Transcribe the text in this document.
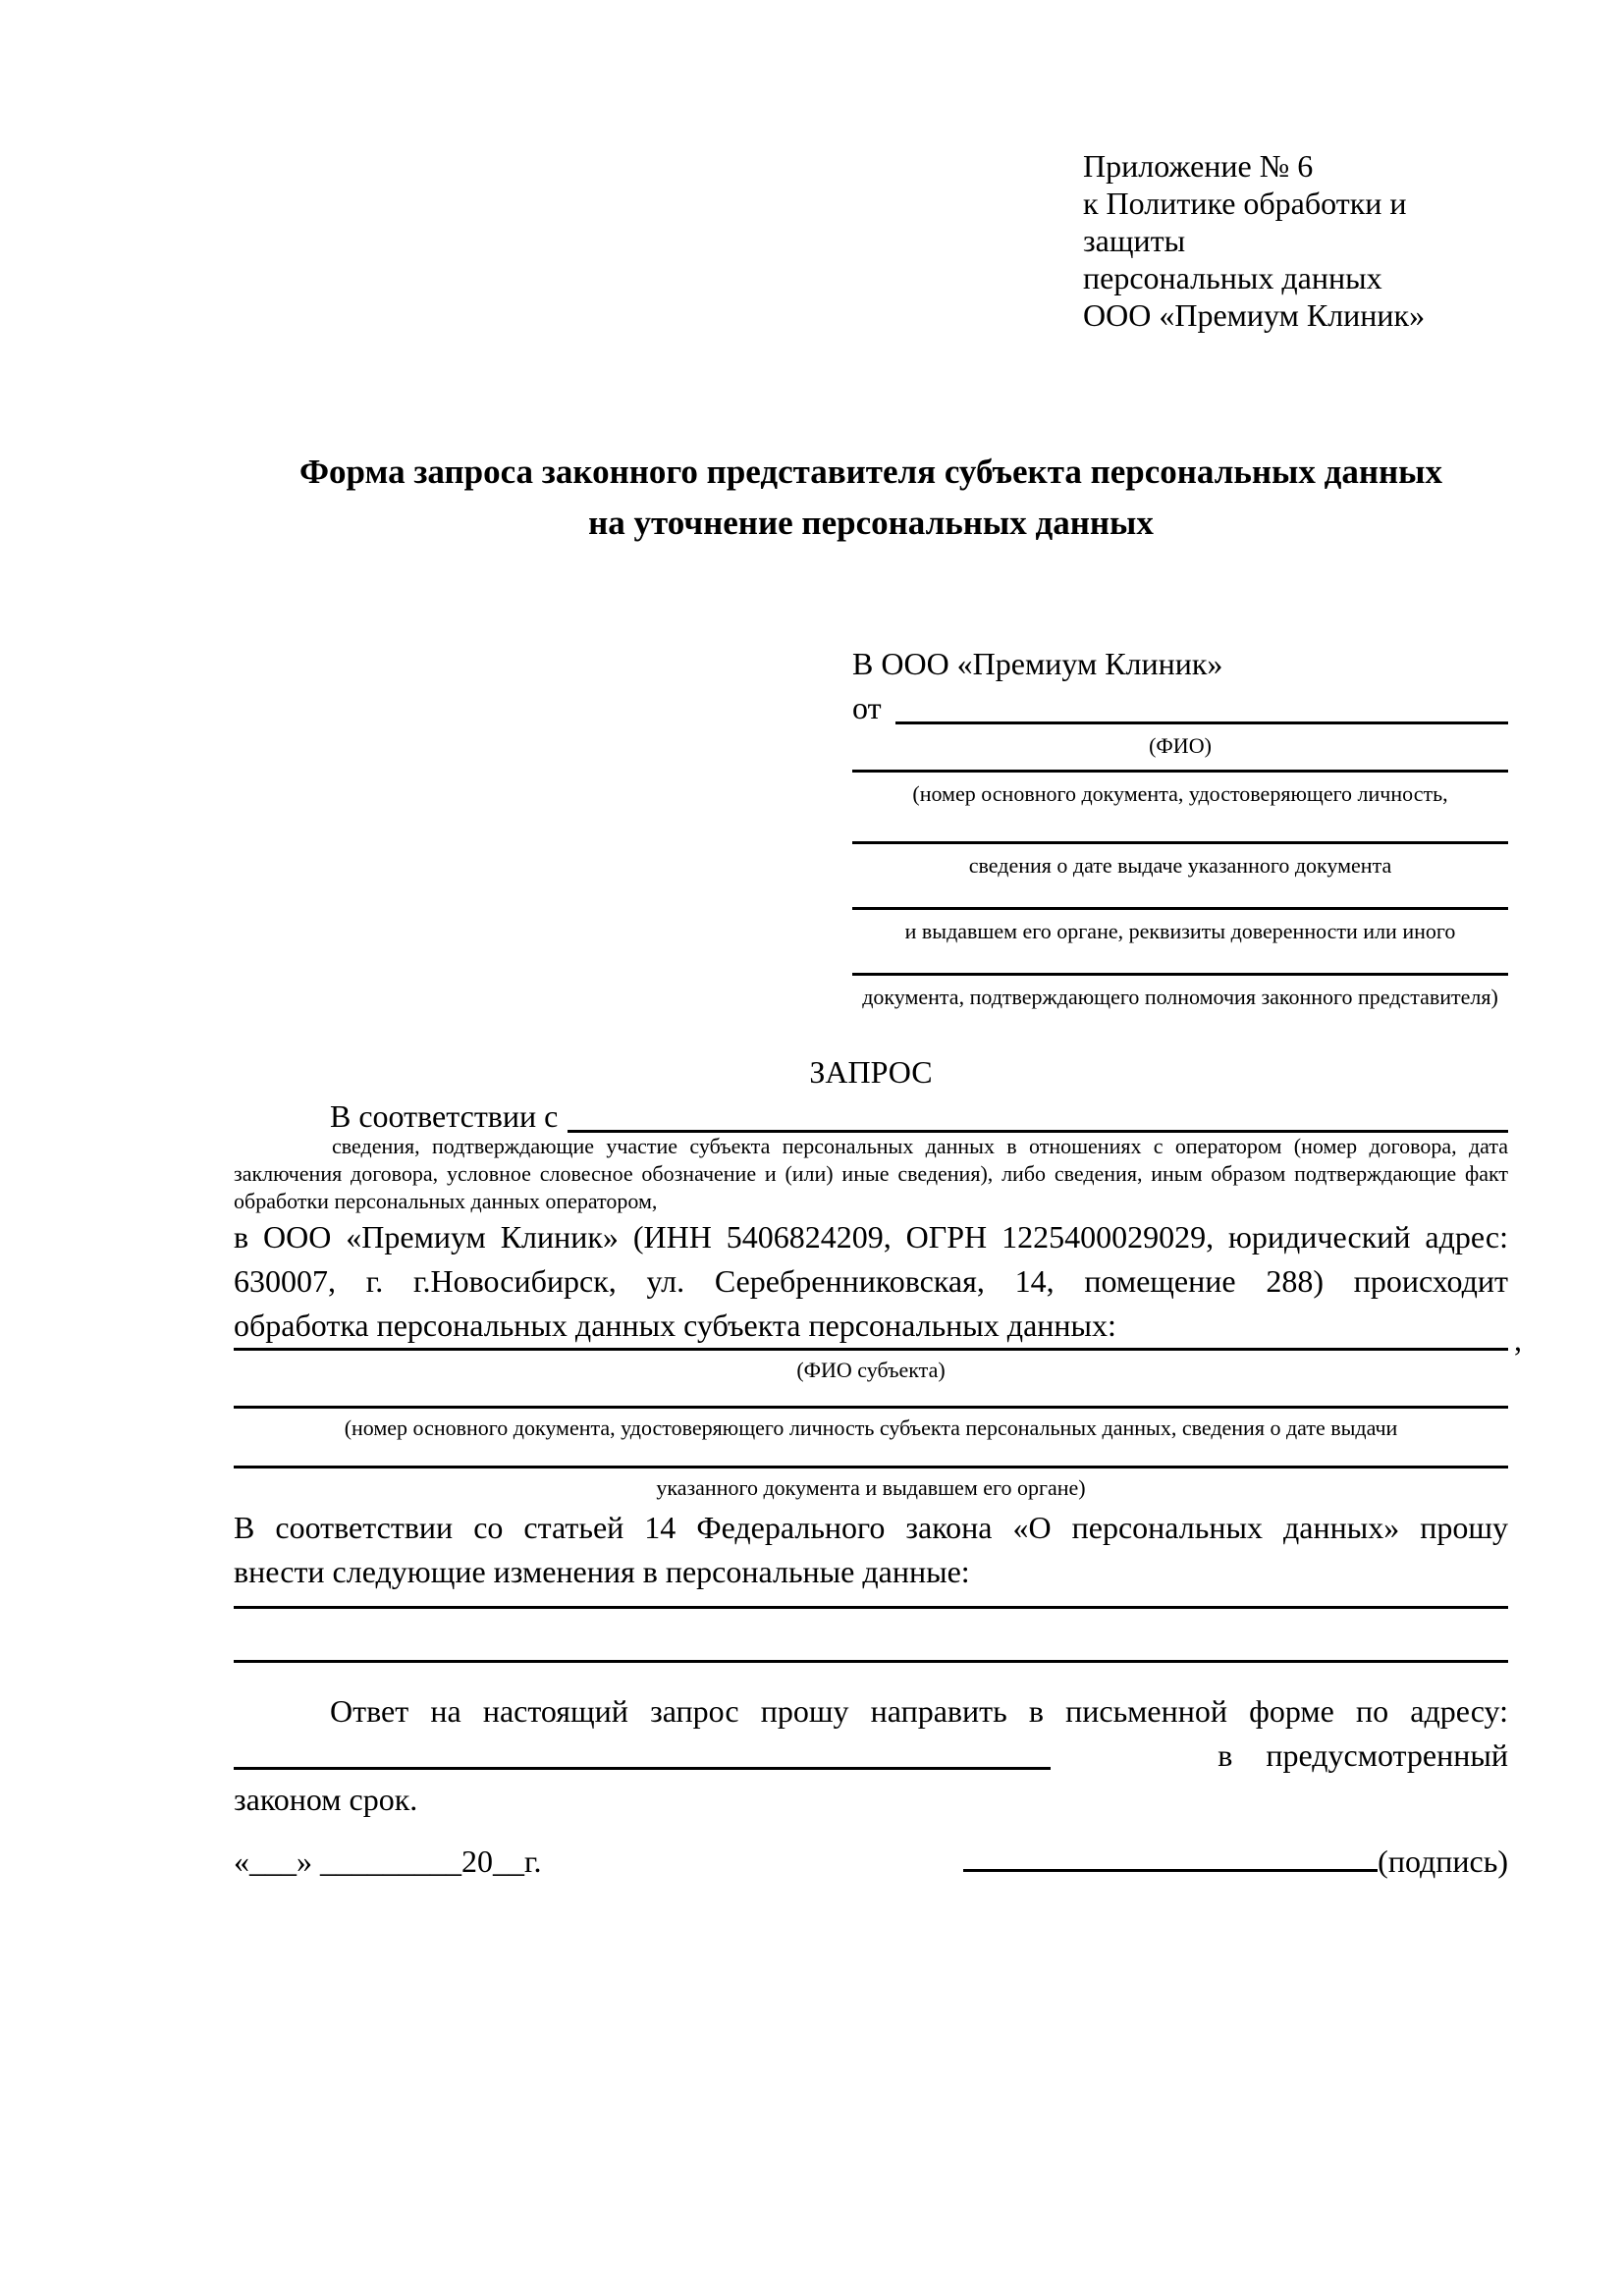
Приложение № 6
к Политике обработки и защиты
персональных данных
ООО «Премиум Клиник»
Форма запроса законного представителя субъекта персональных данных
на уточнение персональных данных
В ООО «Премиум Клиник»
от
(ФИО)
(номер основного документа, удостоверяющего личность,
сведения о дате выдаче указанного документа
и выдавшем его органе, реквизиты доверенности или иного
документа, подтверждающего полномочия законного представителя)
ЗАПРОС
В соответствии с
сведения, подтверждающие участие субъекта персональных данных в отношениях с оператором (номер договора, дата
заключения договора, условное словесное обозначение и (или) иные сведения), либо сведения, иным образом подтверждающие факт
обработки персональных данных оператором,
в ООО «Премиум Клиник» (ИНН 5406824209, ОГРН 1225400029029, юридический адрес:
630007, г. г.Новосибирск, ул. Серебренниковская, 14, помещение 288) происходит
обработка персональных данных субъекта персональных данных:	,
(ФИО субъекта)
(номер основного документа, удостоверяющего личность субъекта персональных данных, сведения о дате выдачи
указанного документа и выдавшем его органе)
В соответствии со статьей 14 Федерального закона «О персональных данных» прошу
внести следующие изменения в персональные данные:
Ответ на настоящий запрос прошу направить в письменной форме по адресу:
в предусмотренный
законом срок.
«___» _________20__г.	(подпись)
